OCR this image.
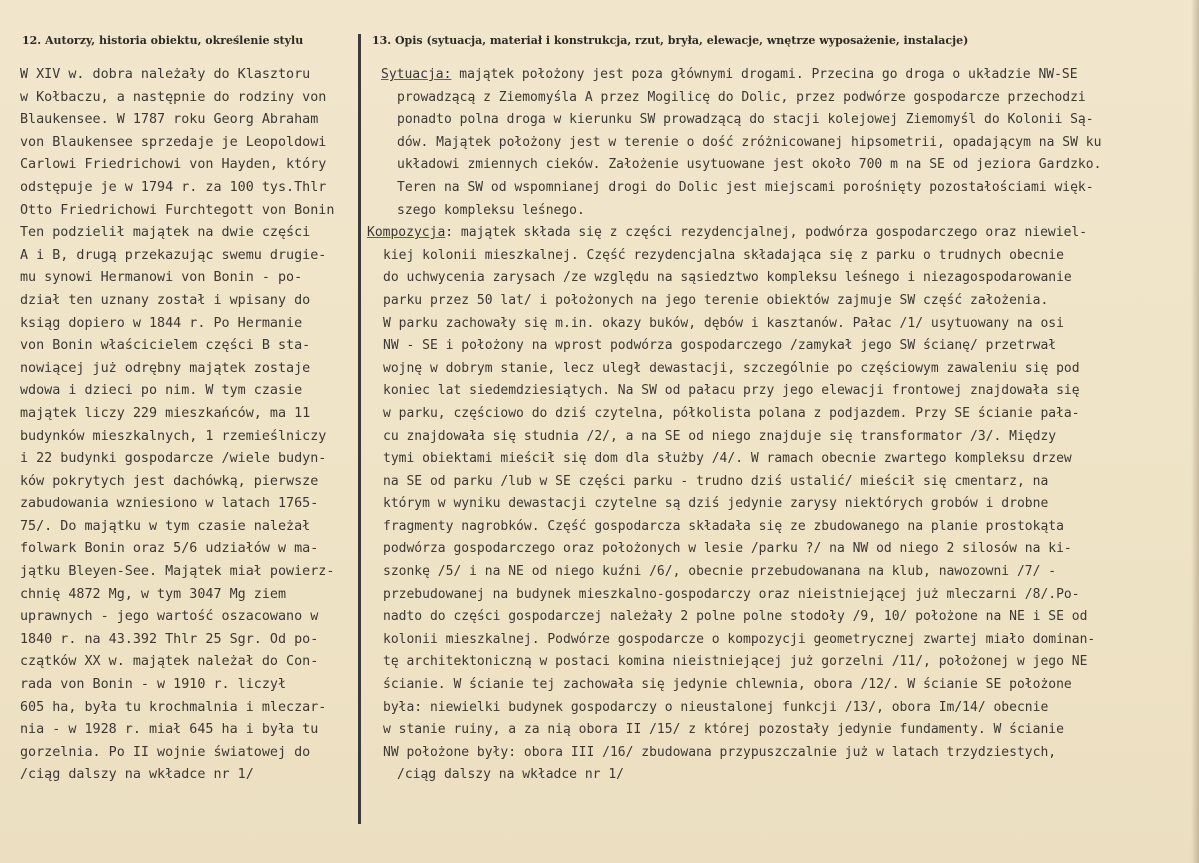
12. Autorzy, historia obiektu, określenie stylu	13. Opis (sytuacja, materiał i konstrukcja, rzut, bryła, elewacje, wnętrze wyposażenie, instalacje)
W XIV w. dobra należały do Klasztoru
w Kołbaczu, a następnie do rodziny von
Blaukensee. W 1787 roku Georg Abraham
von Blaukensee sprzedaje je Leopoldowi
Carlowi Friedrichowi von Hayden, który
odstępuje je w 1794 r. za 100 tys.Thlr
Otto Friedrichowi Furchtegott von Bonin
Ten podzielił majątek na dwie części
A i B, drugą przekazując swemu drugie-
mu synowi Hermanowi von Bonin - po-
dział ten uznany został i wpisany do
ksiąg dopiero w 1844 r. Po Hermanie
von Bonin właścicielem części B sta-
nowiącej już odrębny majątek zostaje
wdowa i dzieci po nim. W tym czasie
majątek liczy 229 mieszkańców, ma 11
budynków mieszkalnych, 1 rzemieślniczy
i 22 budynki gospodarcze /wiele budyn-
ków pokrytych jest dachówką, pierwsze
zabudowania wzniesiono w latach 1765-
75/. Do majątku w tym czasie należał
folwark Bonin oraz 5/6 udziałów w ma-
jątku Bleyen-See. Majątek miał powierz-
chnię 4872 Mg, w tym 3047 Mg ziem
uprawnych - jego wartość oszacowano w
1840 r. na 43.392 Thlr 25 Sgr. Od po-
czątków XX w. majątek należał do Con-
rada von Bonin - w 1910 r. liczył
605 ha, była tu krochmalnia i mleczar-
nia - w 1928 r. miał 645 ha i była tu
gorzelnia. Po II wojnie światowej do
/ciąg dalszy na wkładce nr 1/
Sytuacja: majątek położony jest poza głównymi drogami. Przecina go droga o układzie NW-SE
prowadzącą z Ziemomyśla A przez Mogilicę do Dolic, przez podwórze gospodarcze przechodzi
ponadto polna droga w kierunku SW prowadzącą do stacji kolejowej Ziemomyśl do Kolonii Są-
dów. Majątek położony jest w terenie o dość zróżnicowanej hipsometrii, opadającym na SW ku
układowi zmiennych cieków. Założenie usytuowane jest około 700 m na SE od jeziora Gardzko.
Teren na SW od wspomnianej drogi do Dolic jest miejscami porośnięty pozostałościami więk-
szego kompleksu leśnego.
Kompozycja: majątek składa się z części rezydencjalnej, podwórza gospodarczego oraz niewiel-
kiej kolonii mieszkalnej. Część rezydencjalna składająca się z parku o trudnych obecnie
do uchwycenia zarysach /ze względu na sąsiedztwo kompleksu leśnego i niezagospodarowanie
parku przez 50 lat/ i położonych na jego terenie obiektów zajmuje SW część założenia.
W parku zachowały się m.in. okazy buków, dębów i kasztanów. Pałac /1/ usytuowany na osi
NW - SE i położony na wprost podwórza gospodarczego /zamykał jego SW ścianę/ przetrwał
wojnę w dobrym stanie, lecz uległ dewastacji, szczególnie po częściowym zawaleniu się pod
koniec lat siedemdziesiątych. Na SW od pałacu przy jego elewacji frontowej znajdowała się
w parku, częściowo do dziś czytelna, półkolista polana z podjazdem. Przy SE ścianie pała-
cu znajdowała się studnia /2/, a na SE od niego znajduje się transformator /3/. Między
tymi obiektami mieścił się dom dla służby /4/. W ramach obecnie zwartego kompleksu drzew
na SE od parku /lub w SE części parku - trudno dziś ustalić/ mieścił się cmentarz, na
którym w wyniku dewastacji czytelne są dziś jedynie zarysy niektórych grobów i drobne
fragmenty nagrobków. Część gospodarcza składała się ze zbudowanego na planie prostokąta
podwórza gospodarczego oraz położonych w lesie /parku ?/ na NW od niego 2 silosów na ki-
szonkę /5/ i na NE od niego kuźni /6/, obecnie przebudowanana na klub, nawozowni /7/ -
przebudowanej na budynek mieszkalno-gospodarczy oraz nieistniejącej już mleczarni /8/.Po-
nadto do części gospodarczej należały 2 polne polne stodoły /9, 10/ położone na NE i SE od
kolonii mieszkalnej. Podwórze gospodarcze o kompozycji geometrycznej zwartej miało dominan-
tę architektoniczną w postaci komina nieistniejącej już gorzelni /11/, położonej w jego NE
ścianie. W ścianie tej zachowała się jedynie chlewnia, obora /12/. W ścianie SE położone
była: niewielki budynek gospodarczy o nieustalonej funkcji /13/, obora Im/14/ obecnie
w stanie ruiny, a za nią obora II /15/ z której pozostały jedynie fundamenty. W ścianie
NW położone były: obora III /16/ zbudowana przypuszczalnie już w latach trzydziestych,
/ciąg dalszy na wkładce nr 1/
